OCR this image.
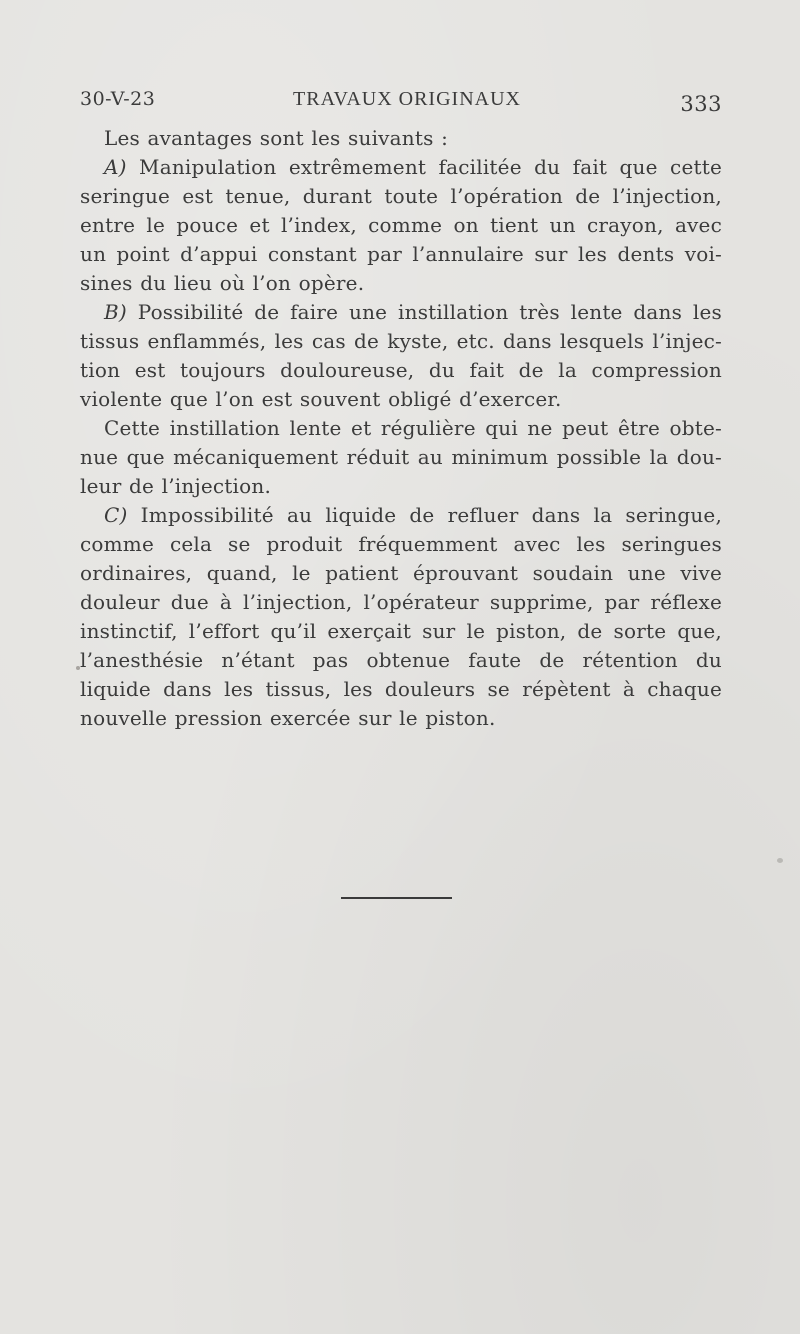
30-V-23	TRAVAUX ORIGINAUX	333
Les avantages sont les suivants :
A) Manipulation extrêmement facilitée du fait que cette
seringue est tenue, durant toute l’opération de l’injection,
entre le pouce et l’index, comme on tient un crayon, avec
un point d’appui constant par l’annulaire sur les dents voi-
sines du lieu où l’on opère.
B) Possibilité de faire une instillation très lente dans les
tissus enflammés, les cas de kyste, etc. dans lesquels l’injec-
tion est toujours douloureuse, du fait de la compression
violente que l’on est souvent obligé d’exercer.
Cette instillation lente et régulière qui ne peut être obte-
nue que mécaniquement réduit au minimum possible la dou-
leur de l’injection.
C) Impossibilité au liquide de refluer dans la seringue,
comme cela se produit fréquemment avec les seringues
ordinaires, quand, le patient éprouvant soudain une vive
douleur due à l’injection, l’opérateur supprime, par réflexe
instinctif, l’effort qu’il exerçait sur le piston, de sorte que,
l’anesthésie n’étant pas obtenue faute de rétention du
liquide dans les tissus, les douleurs se répètent à chaque
nouvelle pression exercée sur le piston.
